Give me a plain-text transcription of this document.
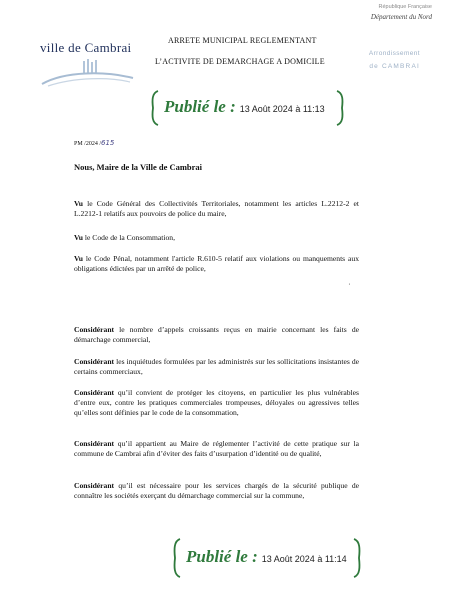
République Française
Département du Nord
ville de Cambrai	ARRETE MUNICIPAL REGLEMENTANT
L’ACTIVITE DE DEMARCHAGE A DOMICILE
Arrondissement
de CAMBRAI
Publié le : 13 Août 2024 à 11:13
PM /2024 /615
Nous, Maire de la Ville de Cambrai
Vu le Code Général des Collectivités Territoriales, notamment les articles L.2212-2 et L.2212-1 relatifs aux pouvoirs de police du maire,
Vu le Code de la Consommation,
Vu le Code Pénal, notamment l'article R.610-5 relatif aux violations ou manquements aux obligations édictées par un arrêté de police,
˙
Considérant le nombre d’appels croissants reçus en mairie concernant les faits de démarchage commercial,
Considérant les inquiétudes formulées par les administrés sur les sollicitations insistantes de certains commerciaux,
Considérant qu’il convient de protéger les citoyens, en particulier les plus vulnérables d’entre eux, contre les pratiques commerciales trompeuses, déloyales ou agressives telles qu’elles sont définies par le code de la consommation,
Considérant qu’il appartient au Maire de réglementer l’activité de cette pratique sur la commune de Cambrai afin d’éviter des faits d’usurpation d’identité ou de qualité,
Considérant qu’il est nécessaire pour les services chargés de la sécurité publique de connaître les sociétés exerçant du démarchage commercial sur la commune,
Publié le : 13 Août 2024 à 11:14
